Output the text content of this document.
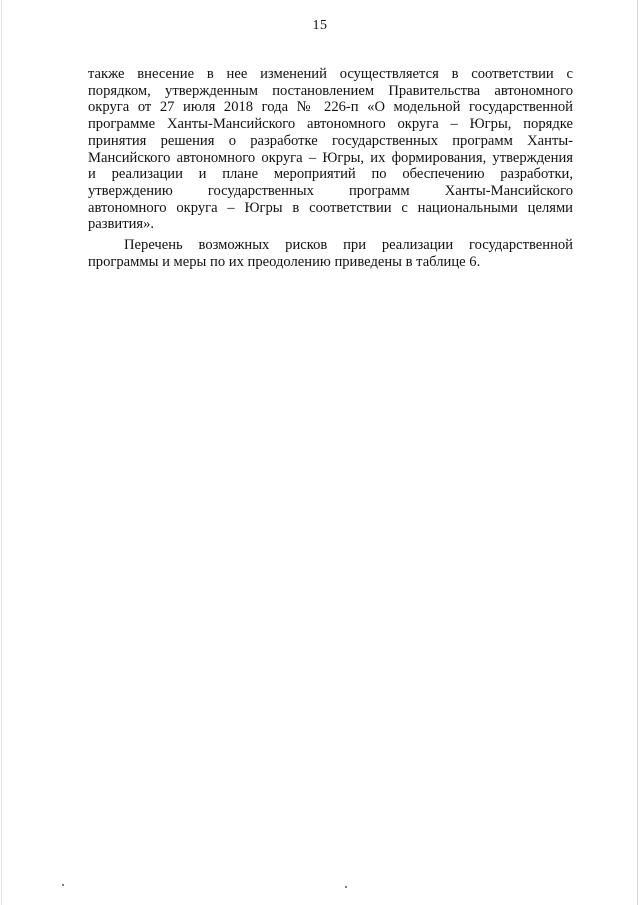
15
также внесение в нее изменений осуществляется в соответствии с
порядком, утвержденным постановлением Правительства автономного
округа от 27 июля 2018 года № 226-п «О модельной государственной
программе Ханты-Мансийского автономного округа – Югры, порядке
принятия решения о разработке государственных программ Ханты-
Мансийского автономного округа – Югры, их формирования, утверждения
и реализации и плане мероприятий по обеспечению разработки,
утверждению государственных программ Ханты-Мансийского
автономного округа – Югры в соответствии с национальными целями
развития».
Перечень возможных рисков при реализации государственной
программы и меры по их преодолению приведены в таблице 6.
